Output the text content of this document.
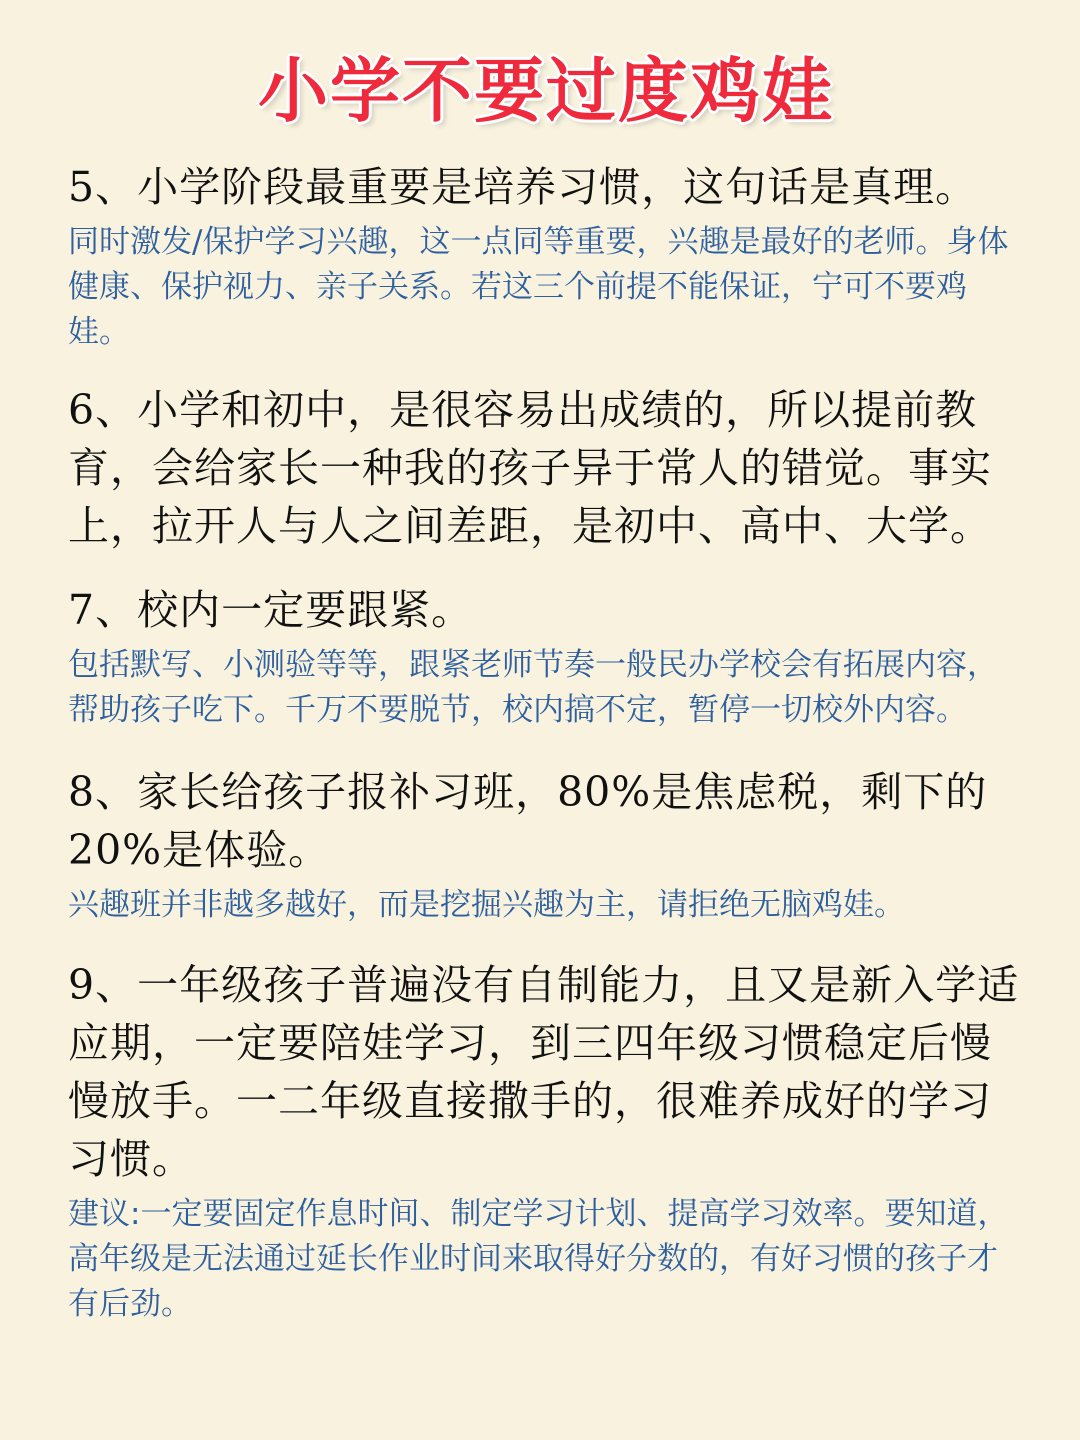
小学不要过度鸡娃

5、小学阶段最重要是培养习惯，这句话是真理。

同时激发/保护学习兴趣，这一点同等重要，兴趣是最好的老师。身体健康、保护视力、亲子关系。若这三个前提不能保证，宁可不要鸡娃。

6、小学和初中，是很容易出成绩的，所以提前教育，会给家长一种我的孩子异于常人的错觉。事实上，拉开人与人之间差距，是初中、高中、大学。

7、校内一定要跟紧。

包括默写、小测验等等，跟紧老师节奏一般民办学校会有拓展内容，帮助孩子吃下。千万不要脱节，校内搞不定，暂停一切校外内容。

8、家长给孩子报补习班，80%是焦虑税，剩下的20%是体验。

兴趣班并非越多越好，而是挖掘兴趣为主，请拒绝无脑鸡娃。

9、一年级孩子普遍没有自制能力，且又是新入学适应期，一定要陪娃学习，到三四年级习惯稳定后慢慢放手。一二年级直接撒手的，很难养成好的学习习惯。

建议:一定要固定作息时间、制定学习计划、提高学习效率。要知道，高年级是无法通过延长作业时间来取得好分数的，有好习惯的孩子才有后劲。
